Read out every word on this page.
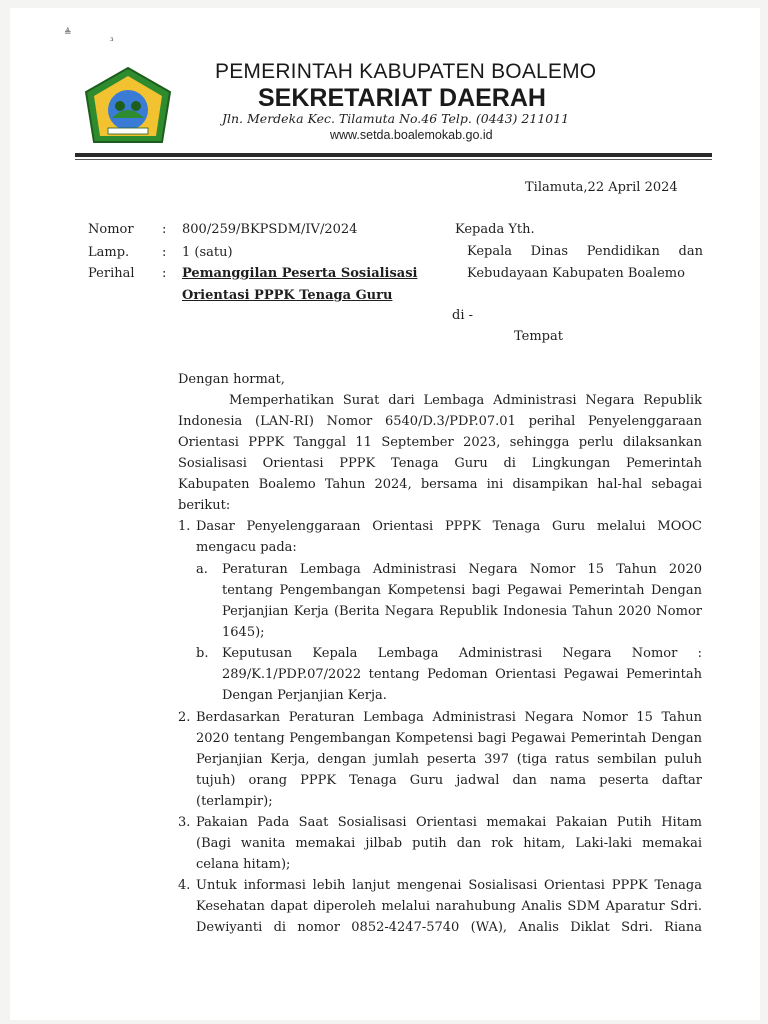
≜
₃
PEMERINTAH KABUPATEN BOALEMO
SEKRETARIAT DAERAH
Jln. Merdeka Kec. Tilamuta No.46 Telp. (0443) 211011
www.setda.boalemokab.go.id
Tilamuta,22 April 2024
Nomor : 800/259/BKPSDM/IV/2024
Lamp.	: 1 (satu)
Perihal : Pemanggilan Peserta Sosialisasi
Orientasi PPPK Tenaga Guru
Kepada Yth.
Kepala Dinas Pendidikan dan
Kebudayaan Kabupaten Boalemo
di -
Tempat
Dengan hormat,
Memperhatikan Surat dari Lembaga Administrasi Negara Republik
Indonesia (LAN-RI) Nomor 6540/D.3/PDP.07.01 perihal Penyelenggaraan
Orientasi PPPK Tanggal 11 September 2023, sehingga perlu dilaksankan
Sosialisasi Orientasi PPPK Tenaga Guru di Lingkungan Pemerintah
Kabupaten Boalemo Tahun 2024, bersama ini disampikan hal-hal sebagai
berikut:
1. Dasar Penyelenggaraan Orientasi PPPK Tenaga Guru melalui MOOC
mengacu pada:
a. Peraturan Lembaga Administrasi Negara Nomor 15 Tahun 2020
tentang Pengembangan Kompetensi bagi Pegawai Pemerintah Dengan
Perjanjian Kerja (Berita Negara Republik Indonesia Tahun 2020 Nomor
1645);
b. Keputusan Kepala Lembaga Administrasi Negara Nomor :
289/K.1/PDP.07/2022 tentang Pedoman Orientasi Pegawai Pemerintah
Dengan Perjanjian Kerja.
2. Berdasarkan Peraturan Lembaga Administrasi Negara Nomor 15 Tahun
2020 tentang Pengembangan Kompetensi bagi Pegawai Pemerintah Dengan
Perjanjian Kerja, dengan jumlah peserta 397 (tiga ratus sembilan puluh
tujuh) orang PPPK Tenaga Guru jadwal dan nama peserta daftar
(terlampir);
3. Pakaian Pada Saat Sosialisasi Orientasi memakai Pakaian Putih Hitam
(Bagi wanita memakai jilbab putih dan rok hitam, Laki-laki memakai
celana hitam);
4. Untuk informasi lebih lanjut mengenai Sosialisasi Orientasi PPPK Tenaga
Kesehatan dapat diperoleh melalui narahubung Analis SDM Aparatur Sdri.
Dewiyanti di nomor 0852-4247-5740 (WA), Analis Diklat Sdri. Riana
